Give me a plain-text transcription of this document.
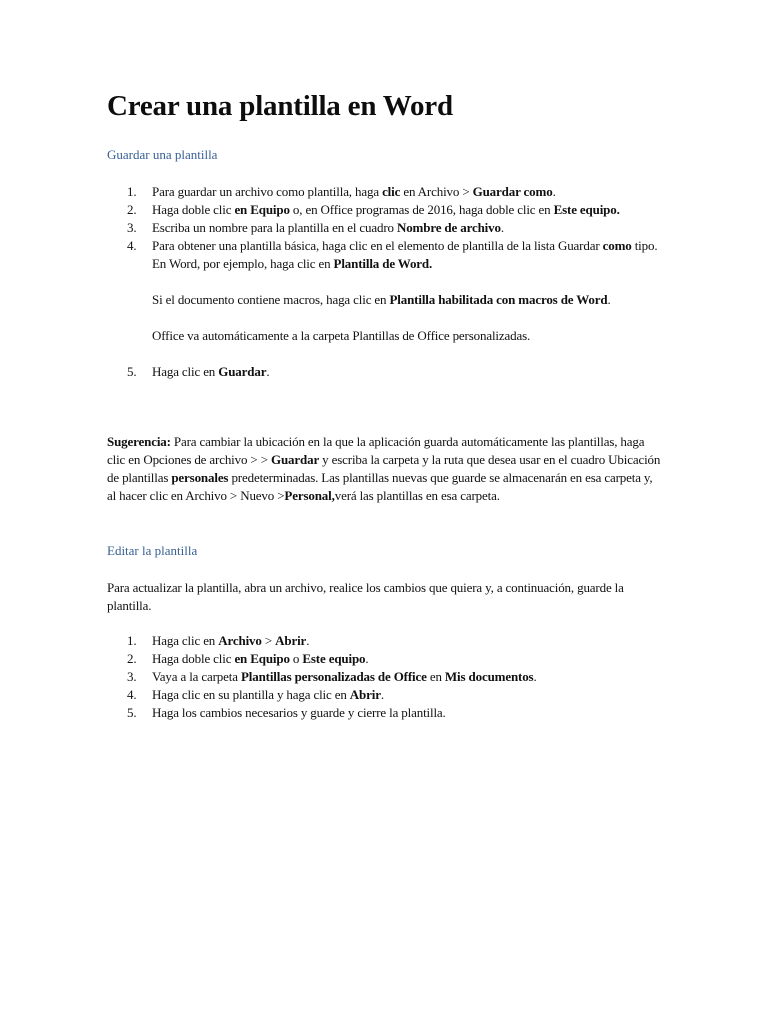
Crear una plantilla en Word
Guardar una plantilla
1. Para guardar un archivo como plantilla, haga clic en Archivo > Guardar como.
2. Haga doble clic en Equipo o, en Office programas de 2016, haga doble clic en Este equipo.
3. Escriba un nombre para la plantilla en el cuadro Nombre de archivo.
4. Para obtener una plantilla básica, haga clic en el elemento de plantilla de la lista Guardar como tipo. En Word, por ejemplo, haga clic en Plantilla de Word.
Si el documento contiene macros, haga clic en Plantilla habilitada con macros de Word.
Office va automáticamente a la carpeta Plantillas de Office personalizadas.
5. Haga clic en Guardar.

Sugerencia: Para cambiar la ubicación en la que la aplicación guarda automáticamente las plantillas, haga clic en Opciones de archivo > > Guardar y escriba la carpeta y la ruta que desea usar en el cuadro Ubicación de plantillas personales predeterminadas. Las plantillas nuevas que guarde se almacenarán en esa carpeta y, al hacer clic en Archivo > Nuevo >Personal,verá las plantillas en esa carpeta.

Editar la plantilla

Para actualizar la plantilla, abra un archivo, realice los cambios que quiera y, a continuación, guarde la plantilla.

1. Haga clic en Archivo > Abrir.
2. Haga doble clic en Equipo o Este equipo.
3. Vaya a la carpeta Plantillas personalizadas de Office en Mis documentos.
4. Haga clic en su plantilla y haga clic en Abrir.
5. Haga los cambios necesarios y guarde y cierre la plantilla.
